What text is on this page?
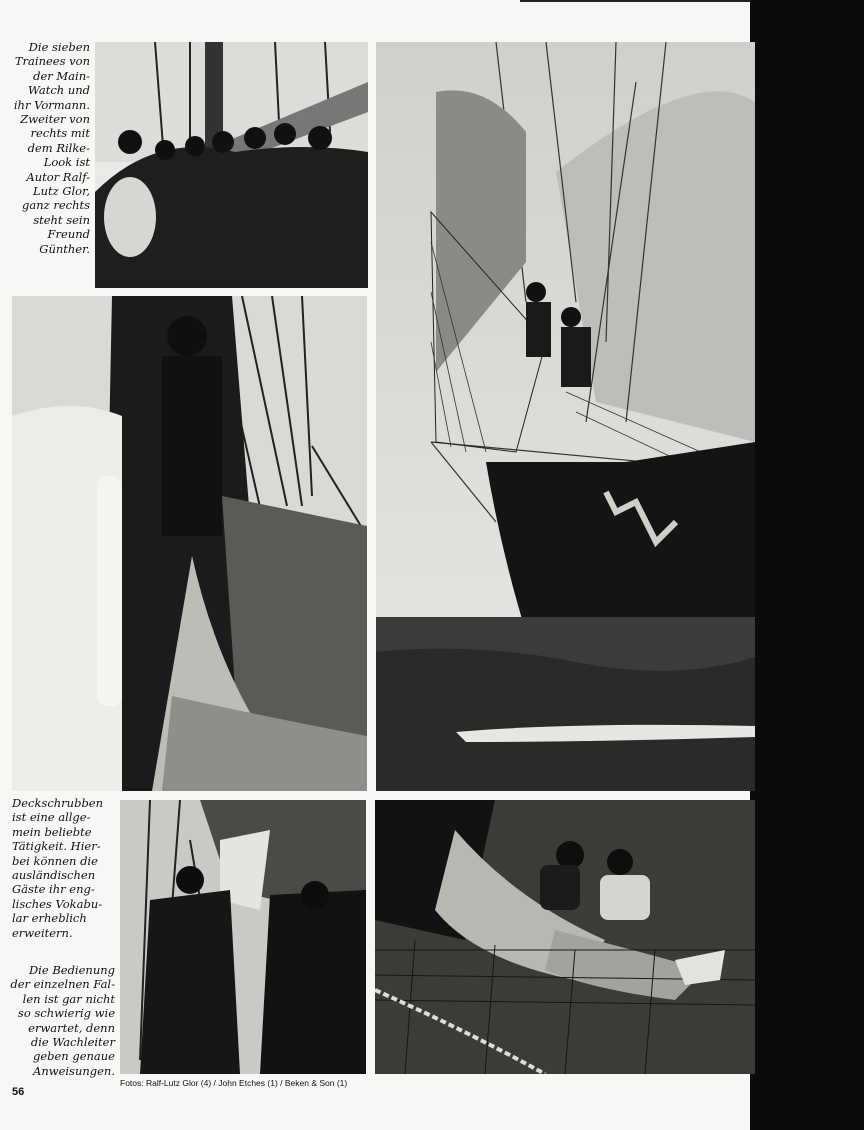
Die sieben
Trainees von
der Main-
Watch und
ihr Vormann.
Zweiter von
rechts mit
dem Rilke-
Look ist
Autor Ralf-
Lutz Glor,
ganz rechts
steht sein
Freund
Günther.
Deckschrubben
ist eine allge-
mein beliebte
Tätigkeit. Hier-
bei können die
ausländischen
Gäste ihr eng-
lisches Vokabu-
lar erheblich
erweitern.
Die Bedienung
der einzelnen Fal-
len ist gar nicht
so schwierig wie
erwartet, denn
die Wachleiter
geben genaue
Anweisungen.
Fotos: Ralf-Lutz Glor (4) / John Etches (1) / Beken & Son (1)
56
